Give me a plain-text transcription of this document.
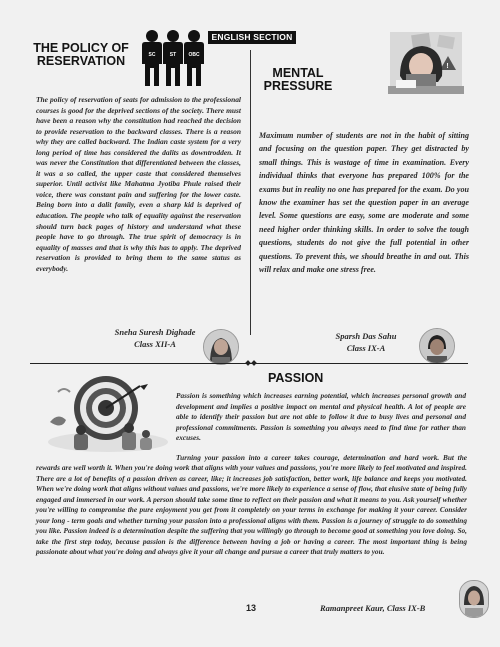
ENGLISH SECTION
THE POLICY OF
RESERVATION	SC	ST OBC
!
MENTAL
PRESSURE

The policy of reservation of seats for admission to the professional courses is good for the deprived sections of the society. There must have been a reason why the constitution had reached the decision to provide reservation to the backward classes. There is a reason why they are called backward. The Indian caste system for a very long period of time has considered the dalits as downtrodden. It was never the Constitution that differentiated between the classes, it was a so called, the upper caste that considered themselves superior. Until activist like Mahatma Jyotiba Phule raised their voice, there was constant pain and suffering for the lower caste. Being born into a dalit family, even a sharp kid is deprived of education. The people who talk of equality against the reservation should turn back pages of history and understand what these people have to go through. The true spirit of democracy is in equality of masses and that is why this has to apply. The deprived reservation is provided to bring them to the same status as everybody.

Maximum number of students are not in the habit of sitting and focusing on the question paper. They get distracted by small things. This is wastage of time in examination. Every individual thinks that everyone has prepared 100% for the exams but in reality no one has prepared for the exam. Do you know the examiner has set the question paper in an average level. Some questions are easy, some are moderate and some need higher order thinking skills. In order to solve the tough questions, students do not give the full potential in other questions. To prevent this, we should breathe in and out. This will relax and make one stress free.

Sneha Suresh Dighade
Class XII-A
Sparsh Das Sahu
Class IX-A
PASSION

Passion is something which increases earning potential, which increases personal growth and development and implies a positive impact on mental and physical health. A lot of people are able to identify their passion but are not able to follow it due to busy lives and personal and professional commitments. Passion is something you always need to find time for rather than excuses.

Turning your passion into a career takes courage, determination and hard work. But the rewards are well worth it. When you're doing work that aligns with your values and passions, you're more likely to feel motivated and inspired. There are a lot of benefits of a passion driven as career, like; it increases job satisfaction, better work, life balance and keeps you motivated. When we're doing work that aligns without values and passions, we're more likely to experience a sense of flow, that elusive state of being fully engaged and immersed in our work. A person should take some time to reflect on their passion and what it means to you. Ask yourself whether you're willing to compromise the pure enjoyment you get from it completely on your terms in exchange for making it your career. Consider your long - term goals and whether turning your passion into a professional aligns with them. Passion is a journey of struggle to do something you like. Passion indeed is a determination despite the suffering that you willingly go through to become good at something you love doing. So, take the first step today, because passion is the difference between having a job or having a career. The most important thing is being passionate about what you're doing and always give it your all change and pursue a career that truly matters to you.

13	Ramanpreet Kaur, Class IX-B
